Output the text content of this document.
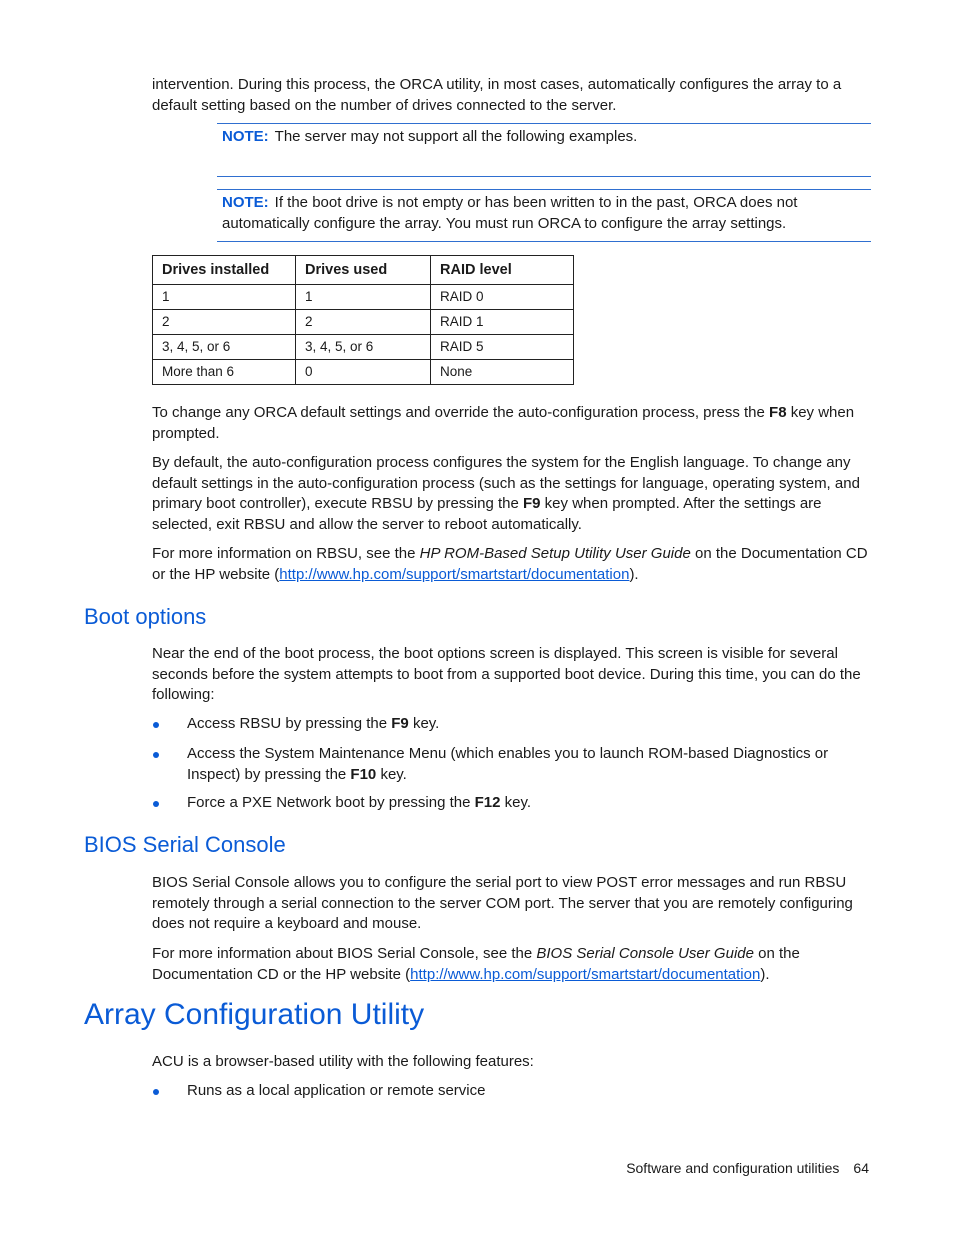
intervention. During this process, the ORCA utility, in most cases, automatically configures the array to a default setting based on the number of drives connected to the server.

NOTE: The server may not support all the following examples.

NOTE: If the boot drive is not empty or has been written to in the past, ORCA does not automatically configure the array. You must run ORCA to configure the array settings.

Drives installed	Drives used	RAID level
1	1	RAID 0
2	2	RAID 1
3, 4, 5, or 6	3, 4, 5, or 6	RAID 5
More than 6	0	None

To change any ORCA default settings and override the auto-configuration process, press the F8 key when prompted.

By default, the auto-configuration process configures the system for the English language. To change any default settings in the auto-configuration process (such as the settings for language, operating system, and primary boot controller), execute RBSU by pressing the F9 key when prompted. After the settings are selected, exit RBSU and allow the server to reboot automatically.

For more information on RBSU, see the HP ROM-Based Setup Utility User Guide on the Documentation CD or the HP website (http://www.hp.com/support/smartstart/documentation).

Boot options

Near the end of the boot process, the boot options screen is displayed. This screen is visible for several seconds before the system attempts to boot from a supported boot device. During this time, you can do the following:

Access RBSU by pressing the F9 key.
Access the System Maintenance Menu (which enables you to launch ROM-based Diagnostics or Inspect) by pressing the F10 key.
Force a PXE Network boot by pressing the F12 key.
BIOS Serial Console

BIOS Serial Console allows you to configure the serial port to view POST error messages and run RBSU remotely through a serial connection to the server COM port. The server that you are remotely configuring does not require a keyboard and mouse.

For more information about BIOS Serial Console, see the BIOS Serial Console User Guide on the Documentation CD or the HP website (http://www.hp.com/support/smartstart/documentation).

Array Configuration Utility

ACU is a browser-based utility with the following features:

Runs as a local application or remote service
Software and configuration utilities 64
